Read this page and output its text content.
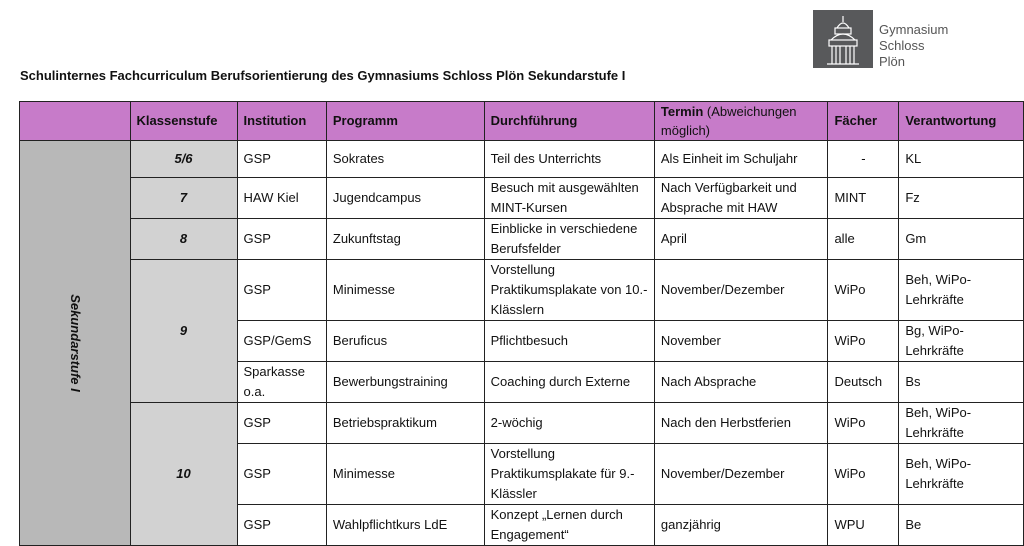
Gymnasium
Schloss
Plön
Schulinternes Fachcurriculum Berufsorientierung des Gymnasiums Schloss Plön Sekundarstufe I
	Klassenstufe	Institution	Programm	Durchführung	Termin (Abweichungen möglich)	Fächer	Verantwortung
Sekundarstufe I	5/6	GSP	Sokrates	Teil des Unterrichts	Als Einheit im Schuljahr	-	KL
	7	HAW Kiel	Jugendcampus	Besuch mit ausgewählten MINT-Kursen	Nach Verfügbarkeit und Absprache mit HAW	MINT	Fz
	8	GSP	Zukunftstag	Einblicke in verschiedene Berufsfelder	April	alle	Gm
	9	GSP	Minimesse	Vorstellung Praktikumsplakate von 10.-Klässlern	November/Dezember	WiPo	Beh, WiPo-Lehrkräfte
		GSP/GemS	Beruficus	Pflichtbesuch	November	WiPo	Bg, WiPo-Lehrkräfte
		Sparkasse o.a.	Bewerbungstraining	Coaching durch Externe	Nach Absprache	Deutsch	Bs
	10	GSP	Betriebspraktikum	2-wöchig	Nach den Herbstferien	WiPo	Beh, WiPo-Lehrkräfte
		GSP	Minimesse	Vorstellung Praktikumsplakate für 9.-Klässler	November/Dezember	WiPo	Beh, WiPo-Lehrkräfte
		GSP	Wahlpflichtkurs LdE	Konzept „Lernen durch Engagement“	ganzjährig	WPU	Be
